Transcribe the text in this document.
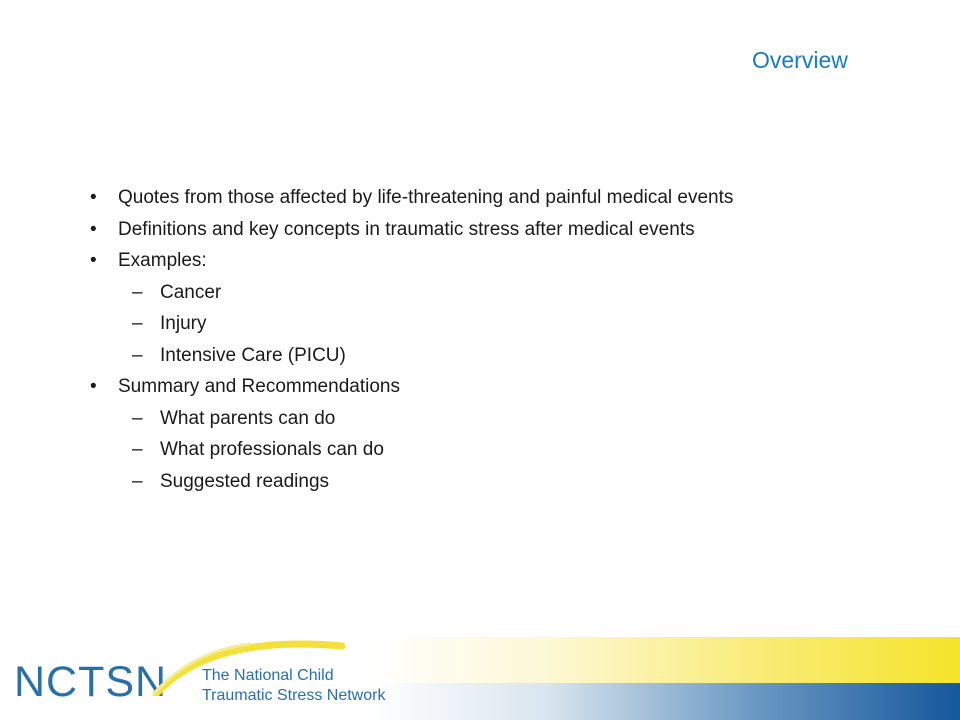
Overview
• Quotes from those affected by life-threatening and painful medical events
• Definitions and key concepts in traumatic stress after medical events
• Examples:
– Cancer
– Injury
– Intensive Care (PICU)
• Summary and Recommendations
– What parents can do
– What professionals can do
– Suggested readings
NCTSN The National Child
Traumatic Stress Network
